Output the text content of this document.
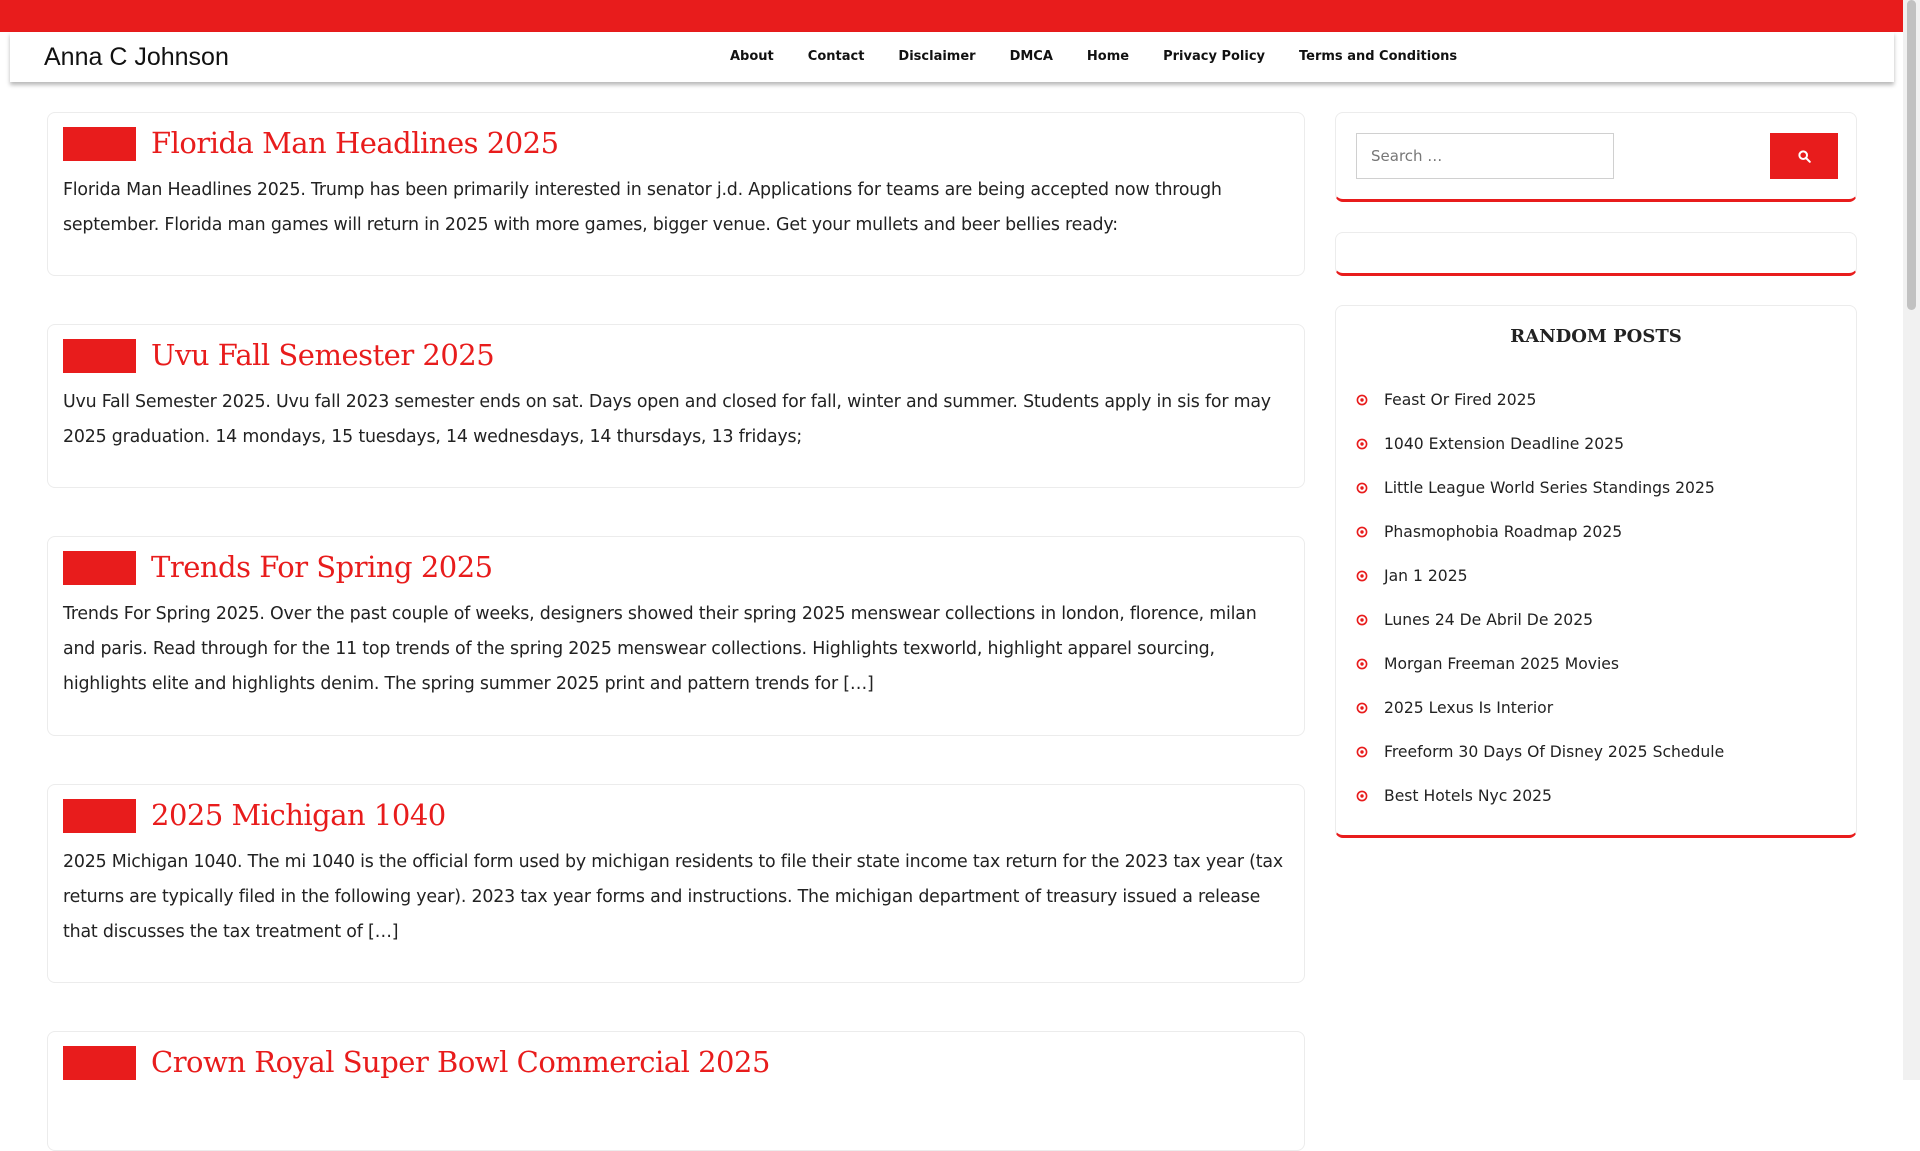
Anna C Johnson	About	Contact	Disclaimer	DMCA	Home	Privacy Policy	Terms and Conditions
Florida Man Headlines 2025

Florida Man Headlines 2025. Trump has been primarily interested in senator j.d. Applications for teams are being accepted now through september. Florida man games will return in 2025 with more games, bigger venue. Get your mullets and beer bellies ready:

Uvu Fall Semester 2025

Uvu Fall Semester 2025. Uvu fall 2023 semester ends on sat. Days open and closed for fall, winter and summer. Students apply in sis for may 2025 graduation. 14 mondays, 15 tuesdays, 14 wednesdays, 14 thursdays, 13 fridays;

Trends For Spring 2025

Trends For Spring 2025. Over the past couple of weeks, designers showed their spring 2025 menswear collections in london, florence, milan and paris. Read through for the 11 top trends of the spring 2025 menswear collections. Highlights texworld, highlight apparel sourcing, highlights elite and highlights denim. The spring summer 2025 print and pattern trends for […]

2025 Michigan 1040

2025 Michigan 1040. The mi 1040 is the official form used by michigan residents to file their state income tax return for the 2023 tax year (tax returns are typically filed in the following year). 2023 tax year forms and instructions. The michigan department of treasury issued a release that discusses the tax treatment of […]

Crown Royal Super Bowl Commercial 2025
Search …
RANDOM POSTS
Feast Or Fired 2025
1040 Extension Deadline 2025
Little League World Series Standings 2025
Phasmophobia Roadmap 2025
Jan 1 2025
Lunes 24 De Abril De 2025
Morgan Freeman 2025 Movies
2025 Lexus Is Interior
Freeform 30 Days Of Disney 2025 Schedule
Best Hotels Nyc 2025
